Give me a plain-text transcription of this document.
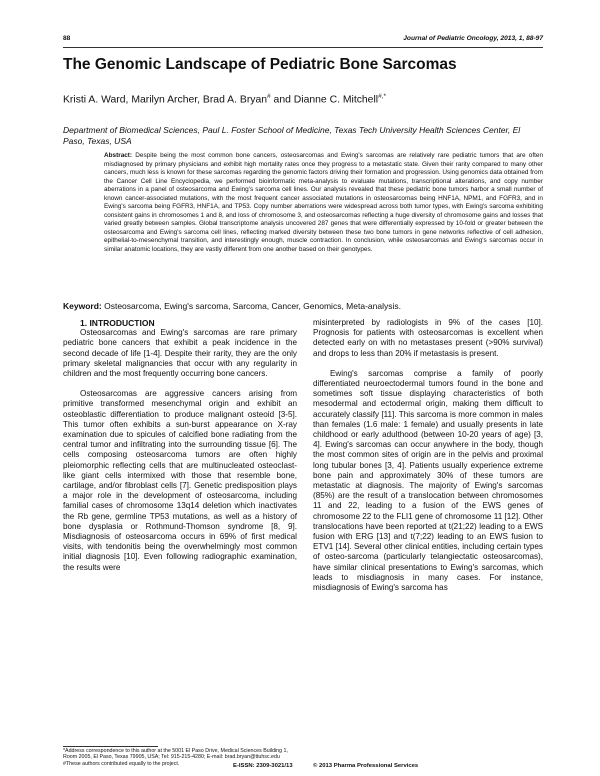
88	Journal of Pediatric Oncology, 2013, 1, 88-97
The Genomic Landscape of Pediatric Bone Sarcomas
Kristi A. Ward, Marilyn Archer, Brad A. Bryan# and Dianne C. Mitchell#,*
Department of Biomedical Sciences, Paul L. Foster School of Medicine, Texas Tech University Health Sciences Center, El Paso, Texas, USA
Abstract: Despite being the most common bone cancers, osteosarcomas and Ewing's sarcomas are relatively rare pediatric tumors that are often misdiagnosed by primary physicians and exhibit high mortality rates once they progress to a metastatic state. Given their rarity compared to many other cancers, much less is known for these sarcomas regarding the genomic factors driving their formation and progression. Using genomics data obtained from the Cancer Cell Line Encyclopedia, we performed bioinformatic meta-analysis to evaluate mutations, transcriptional alterations, and copy number aberrations in a panel of osteosarcoma and Ewing's sarcoma cell lines. Our analysis revealed that these pediatric bone tumors harbor a small number of known cancer-associated mutations, with the most frequent cancer associated mutations in osteosarcomas being HNF1A, NPM1, and FGFR3, and in Ewing's sarcoma being FGFR3, HNF1A, and TP53. Copy number aberrations were widespread across both tumor types, with Ewing's sarcoma exhibiting consistent gains in chromosomes 1 and 8, and loss of chromosome 3, and osteosarcomas reflecting a huge diversity of chromosome gains and losses that varied greatly between samples. Global transcriptome analysis uncovered 287 genes that were differentially expressed by 10-fold or greater between the osteosarcoma and Ewing's sarcoma cell lines, reflecting marked diversity between these two bone tumors in gene networks reflective of cell adhesion, epithelial-to-mesenchymal transition, and interestingly enough, muscle contraction. In conclusion, while osteosarcomas and Ewing's sarcomas occur in similar anatomic locations, they are vastly different from one another based on their genotypes.
Keyword: Osteosarcoma, Ewing's sarcoma, Sarcoma, Cancer, Genomics, Meta-analysis.

1. INTRODUCTION

Osteosarcomas and Ewing's sarcomas are rare primary pediatric bone cancers that exhibit a peak incidence in the second decade of life [1-4]. Despite their rarity, they are the only primary skeletal malignancies that occur with any regularity in children and the most frequently occurring bone cancers.

Osteosarcomas are aggressive cancers arising from primitive transformed mesenchymal origin and exhibit an osteoblastic differentiation to produce malignant osteoid [3-5]. This tumor often exhibits a sun-burst appearance on X-ray examination due to spicules of calcified bone radiating from the central tumor and infiltrating into the surrounding tissue [6]. The cells composing osteosarcoma tumors are often highly pleiomorphic reflecting cells that are multinucleated osteoclast-like giant cells intermixed with those that resemble bone, cartilage, and/or fibroblast cells [7]. Genetic predisposition plays a major role in the development of osteosarcoma, including familial cases of chromosome 13q14 deletion which inactivates the Rb gene, germline TP53 mutations, as well as a history of bone dysplasia or Rothmund-Thomson syndrome [8, 9]. Misdiagnosis of osteosarcoma occurs in 69% of first medical visits, with tendonitis being the overwhelmingly most common initial diagnosis [10]. Even following radiographic examination, the results were

misinterpreted by radiologists in 9% of the cases [10]. Prognosis for patients with osteosarcomas is excellent when detected early on with no metastases present (>90% survival) and drops to less than 20% if metastasis is present.

Ewing's sarcomas comprise a family of poorly differentiated neuroectodermal tumors found in the bone and sometimes soft tissue displaying characteristics of both mesodermal and ectodermal origin, making them difficult to accurately classify [11]. This sarcoma is more common in males than females (1.6 male: 1 female) and usually presents in late childhood or early adulthood (between 10-20 years of age) [3, 4]. Ewing's sarcomas can occur anywhere in the body, though the most common sites of origin are in the pelvis and proximal long tubular bones [3, 4]. Patients usually experience extreme bone pain and approximately 30% of these tumors are metastatic at diagnosis. The majority of Ewing's sarcomas (85%) are the result of a translocation between chromosomes 11 and 22, leading to a fusion of the EWS genes of chromosome 22 to the FLI1 gene of chromosome 11 [12]. Other translocations have been reported at t(21;22) leading to a EWS fusion with ERG [13] and t(7;22) leading to an EWS fusion to ETV1 [14]. Several other clinical entities, including certain types of osteo-sarcoma (particularly telangiectatic osteosarcomas), have similar clinical presentations to Ewing's sarcomas, which leads to misdiagnosis in many cases. For instance, misdiagnosis of Ewing's sarcoma has

*Address correspondence to this author at the 5001 El Paso Drive, Medical Sciences Building 1, Room 2005, El Paso, Texas 79905, USA; Tel: 915-215-4280; E-mail: brad.bryan@ttuhsc.edu

#These authors contributed equally to the project.	E-ISSN: 2309-3021/13	© 2013 Pharma Professional Services
